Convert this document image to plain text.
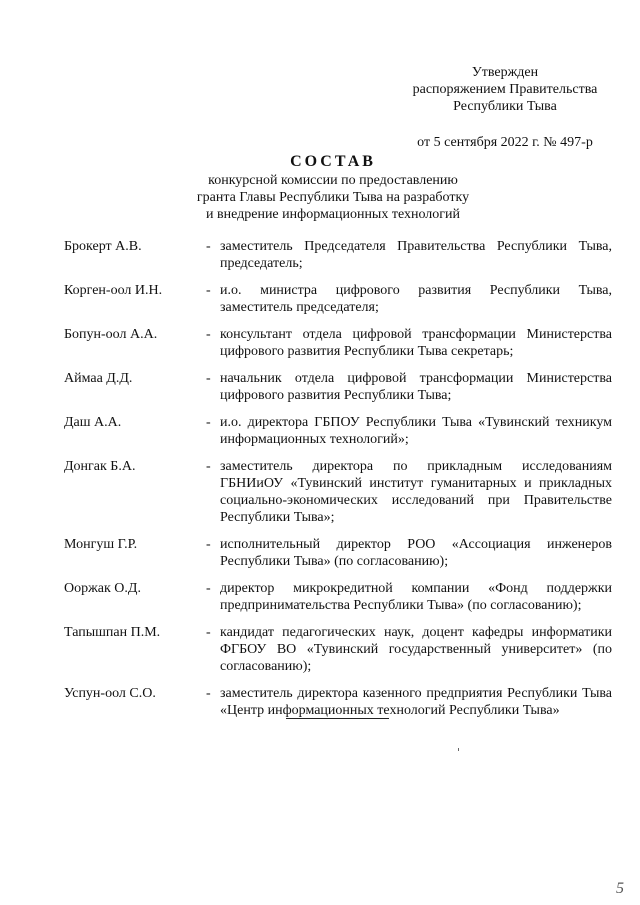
Утвержден
распоряжением Правительства
Республики Тыва
от 5 сентября 2022 г. № 497-р
СОСТАВ
конкурсной комиссии по предоставлению
гранта Главы Республики Тыва на разработку
и внедрение информационных технологий
Брокерт А.В.	- заместитель Председателя Правительства Республики Тыва, председатель;
Корген-оол И.Н.	- и.о. министра цифрового развития Республики Тыва, заместитель председателя;
Бопун-оол А.А.	- консультант отдела цифровой трансформации Министерства цифрового развития Республики Тыва секретарь;
Аймаа Д.Д.	- начальник отдела цифровой трансформации Министерства цифрового развития Республики Тыва;
Даш А.А.	- и.о. директора ГБПОУ Республики Тыва «Тувинский техникум информационных технологий»;
Донгак Б.А.	- заместитель директора по прикладным исследованиям ГБНИиОУ «Тувинский институт гуманитарных и прикладных социально-экономических исследований при Правительстве Республики Тыва»;
Монгуш Г.Р.	- исполнительный директор РОО «Ассоциация инженеров Республики Тыва» (по согласованию);
Ооржак О.Д.	- директор микрокредитной компании «Фонд поддержки предпринимательства Республики Тыва» (по согласованию);
Тапышпан П.М.	- кандидат педагогических наук, доцент кафедры информатики ФГБОУ ВО «Тувинский государственный университет» (по согласованию);
Успун-оол С.О.	- заместитель директора казенного предприятия Республики Тыва «Центр информационных технологий Республики Тыва»
5
